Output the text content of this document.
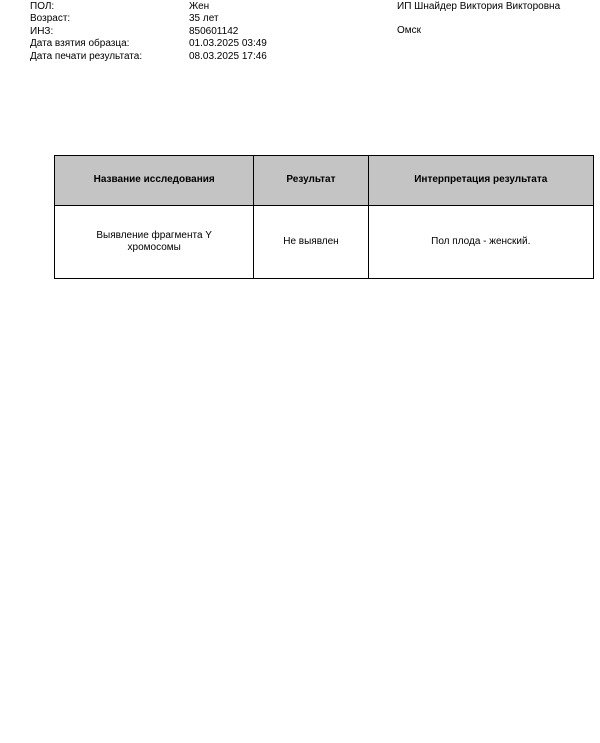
ПОЛ:	Жен
Возраст:	35 лет
ИНЗ:	850601142
Дата взятия образца:	01.03.2025 03:49
Дата печати результата:	08.03.2025 17:46
ИП Шнайдер Виктория Викторовна
Омск
Название исследования	Результат	Интерпретация результата
Выявление фрагмента Y хромосомы	Не выявлен	Пол плода - женский.
